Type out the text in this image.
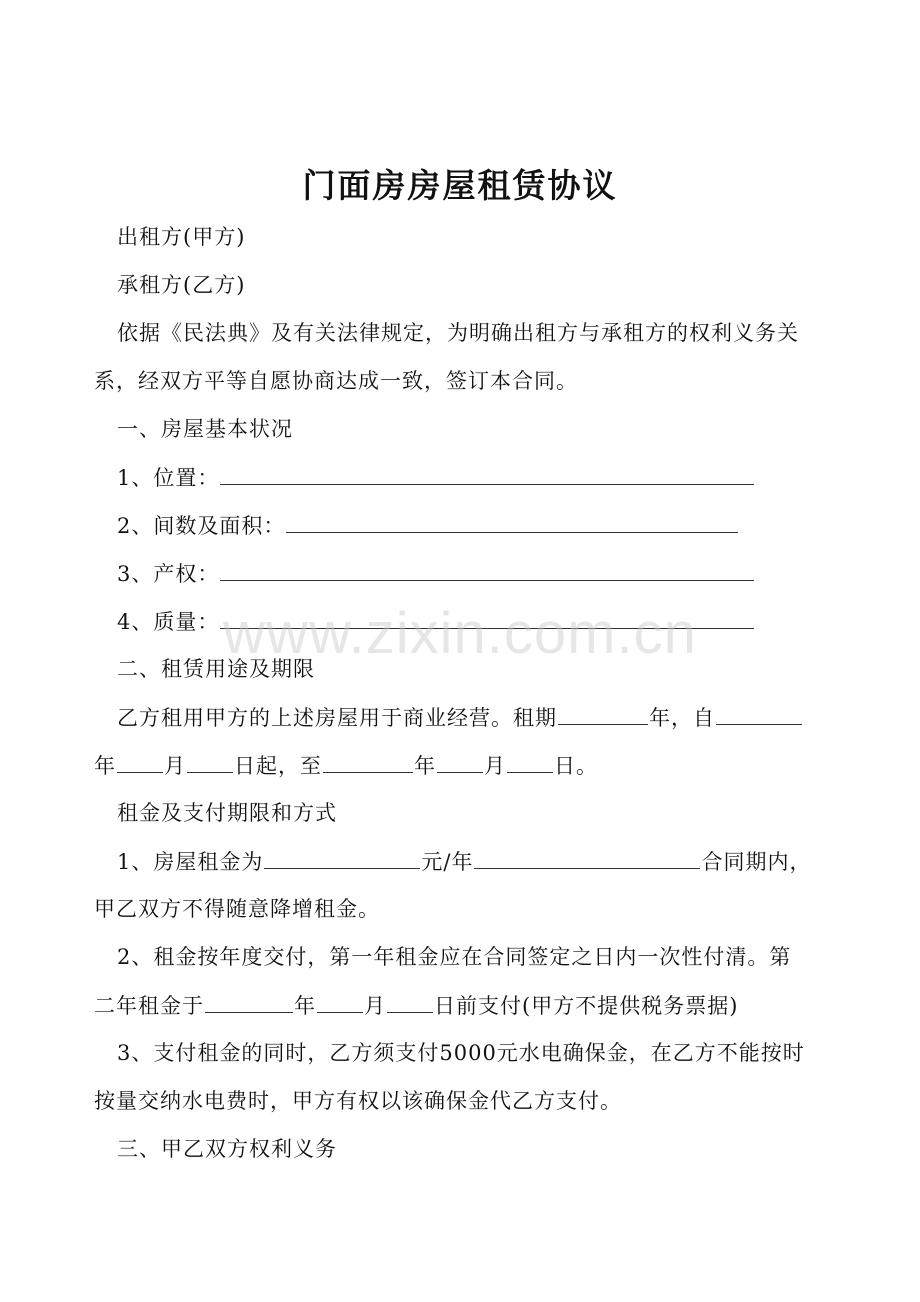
门面房房屋租赁协议
出租方(甲方)
承租方(乙方)
依据《民法典》及有关法律规定，为明确出租方与承租方的权利义务关
系，经双方平等自愿协商达成一致，签订本合同。
一、房屋基本状况
1、位置：
2、间数及面积：
3、产权：
4、质量：
二、租赁用途及期限
乙方租用甲方的上述房屋用于商业经营。租期	年，自
年 月 日起，至	年 月 日。
租金及支付期限和方式
1、房屋租金为	元/年	合同期内，
甲乙双方不得随意降增租金。
2、租金按年度交付，第一年租金应在合同签定之日内一次性付清。第
二年租金于	年 月 日前支付(甲方不提供税务票据)
3、支付租金的同时，乙方须支付5000元水电确保金，在乙方不能按时
按量交纳水电费时，甲方有权以该确保金代乙方支付。
三、甲乙双方权利义务
www.zixin.com.cn
